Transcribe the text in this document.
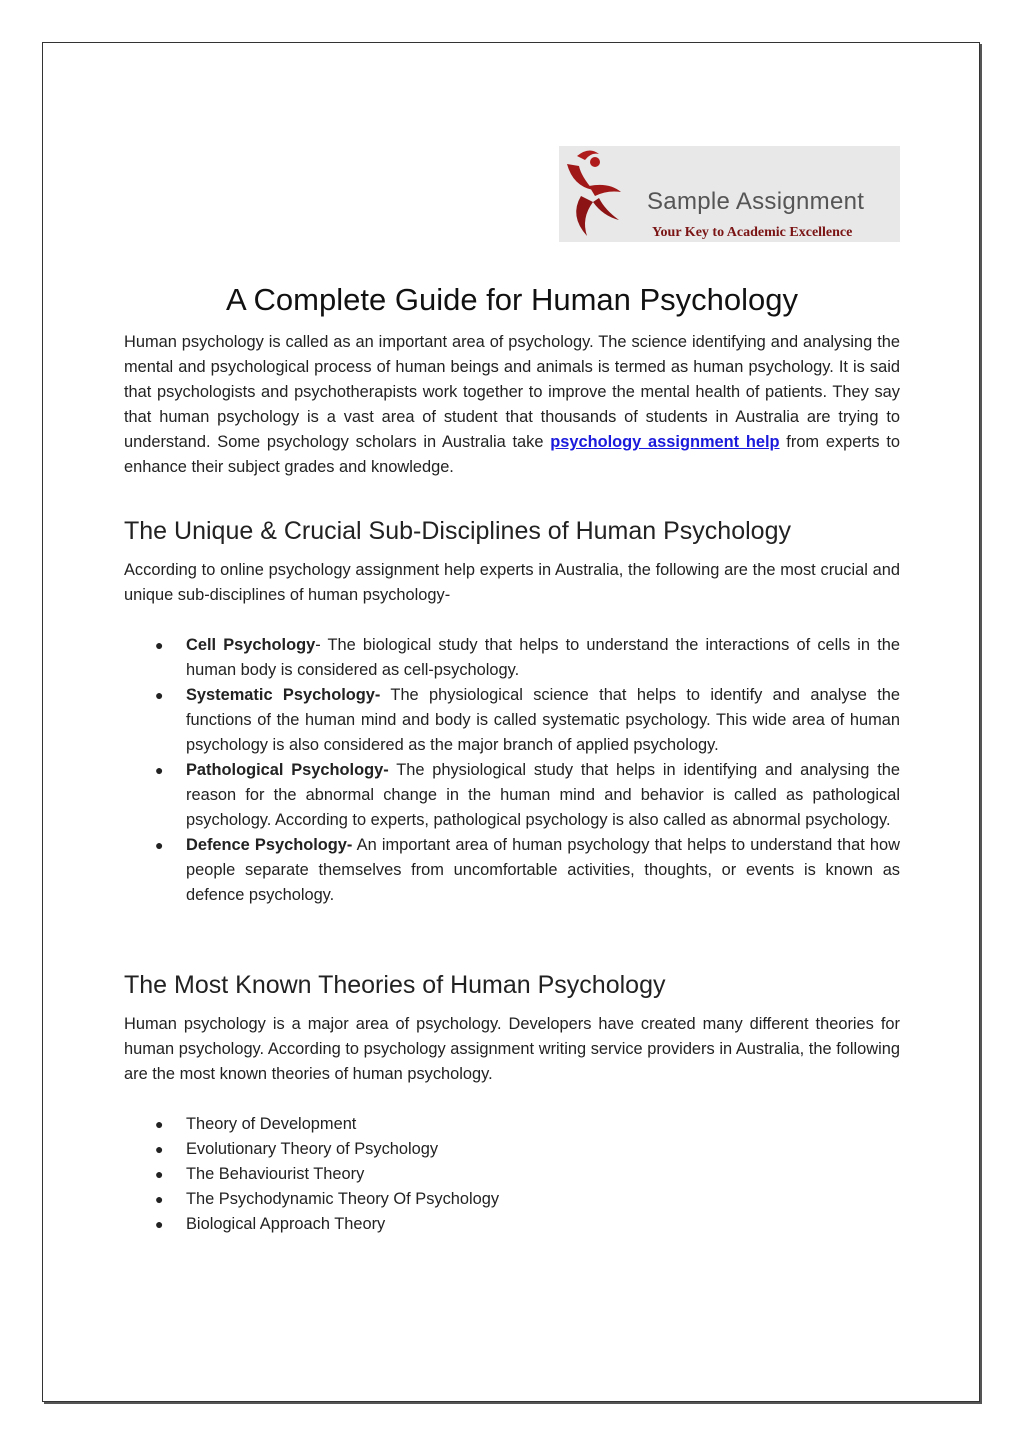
Sample Assignment
Your Key to Academic Excellence
A Complete Guide for Human Psychology

Human psychology is called as an important area of psychology. The science identifying and analysing the mental and psychological process of human beings and animals is termed as human psychology. It is said that psychologists and psychotherapists work together to improve the mental health of patients. They say that human psychology is a vast area of student that thousands of students in Australia are trying to understand. Some psychology scholars in Australia take psychology assignment help from experts to enhance their subject grades and knowledge.

The Unique & Crucial Sub-Disciplines of Human Psychology

According to online psychology assignment help experts in Australia, the following are the most crucial and unique sub-disciplines of human psychology-

● Cell Psychology- The biological study that helps to understand the interactions of cells in the human body is considered as cell-psychology.
● Systematic Psychology- The physiological science that helps to identify and analyse the functions of the human mind and body is called systematic psychology. This wide area of human psychology is also considered as the major branch of applied psychology.
● Pathological Psychology- The physiological study that helps in identifying and analysing the reason for the abnormal change in the human mind and behavior is called as pathological psychology. According to experts, pathological psychology is also called as abnormal psychology.
● Defence Psychology- An important area of human psychology that helps to understand that how people separate themselves from uncomfortable activities, thoughts, or events is known as defence psychology.
The Most Known Theories of Human Psychology

Human psychology is a major area of psychology. Developers have created many different theories for human psychology. According to psychology assignment writing service providers in Australia, the following are the most known theories of human psychology.

● Theory of Development
● Evolutionary Theory of Psychology
● The Behaviourist Theory
● The Psychodynamic Theory Of Psychology
● Biological Approach Theory
